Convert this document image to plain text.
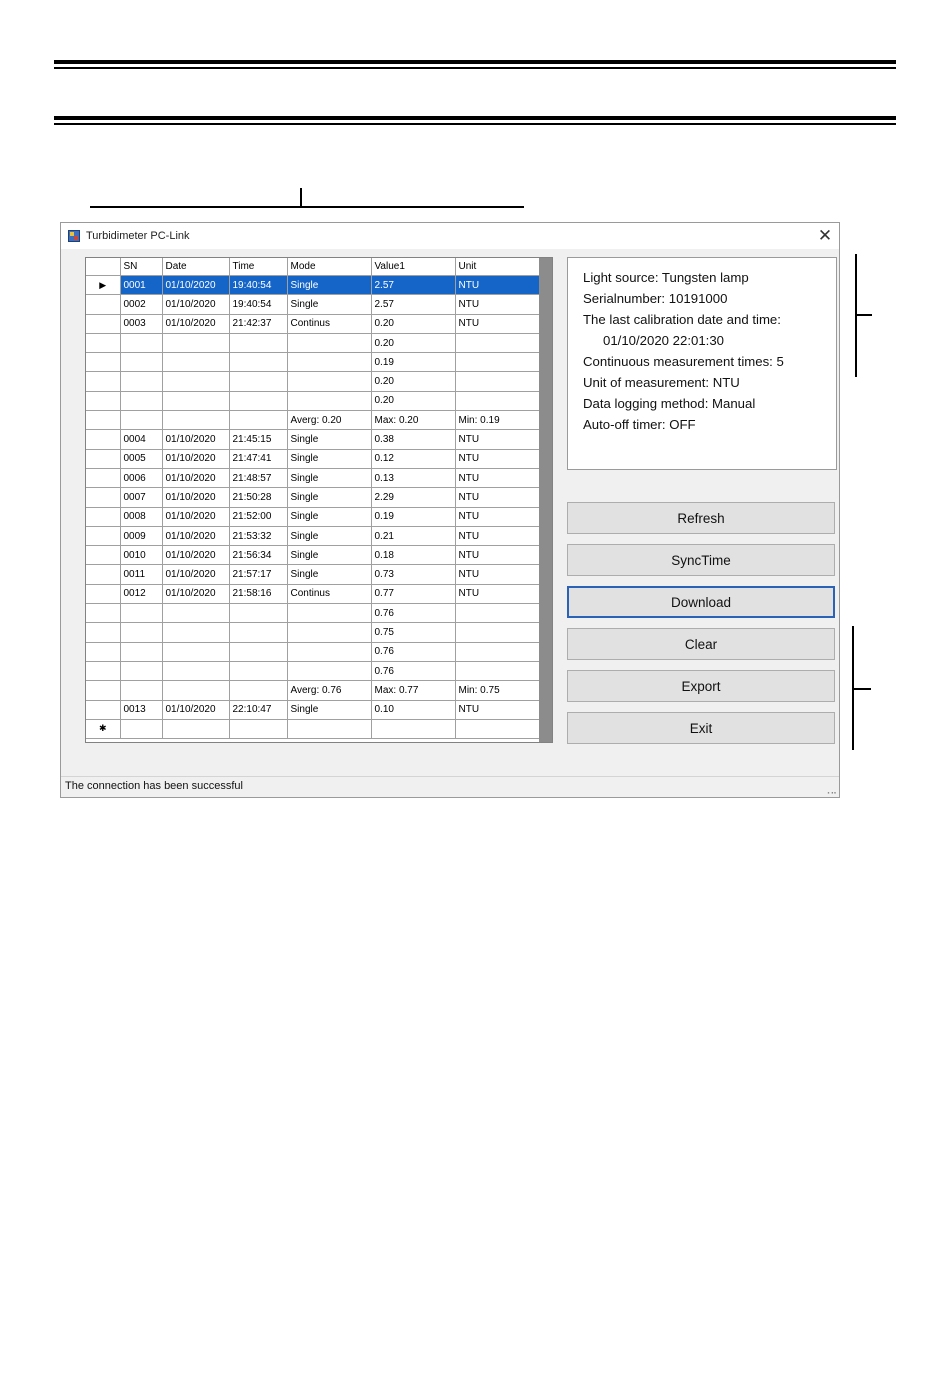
Turbidimeter PC-Link	✕
	SN	Date	Time	Mode	Value1	Unit
▶	0001	01/10/2020	19:40:54	Single	2.57	NTU
	0002	01/10/2020	19:40:54	Single	2.57	NTU
	0003	01/10/2020	21:42:37	Continus	0.20	NTU
					0.20	
					0.19	
					0.20	
					0.20	
				Averg: 0.20	Max: 0.20	Min: 0.19
	0004	01/10/2020	21:45:15	Single	0.38	NTU
	0005	01/10/2020	21:47:41	Single	0.12	NTU
	0006	01/10/2020	21:48:57	Single	0.13	NTU
	0007	01/10/2020	21:50:28	Single	2.29	NTU
	0008	01/10/2020	21:52:00	Single	0.19	NTU
	0009	01/10/2020	21:53:32	Single	0.21	NTU
	0010	01/10/2020	21:56:34	Single	0.18	NTU
	0011	01/10/2020	21:57:17	Single	0.73	NTU
	0012	01/10/2020	21:58:16	Continus	0.77	NTU
					0.76	
					0.75	
					0.76	
					0.76	
				Averg: 0.76	Max: 0.77	Min: 0.75
	0013	01/10/2020	22:10:47	Single	0.10	NTU
✱						
Light source: Tungsten lamp
Serialnumber: 10191000
The last calibration date and time:
01/10/2020 22:01:30
Continuous measurement times: 5
Unit of measurement: NTU
Data logging method: Manual
Auto-off timer: OFF
Refresh
SyncTime
Download
Clear
Export
Exit
The connection has been successful	⠠⠤
